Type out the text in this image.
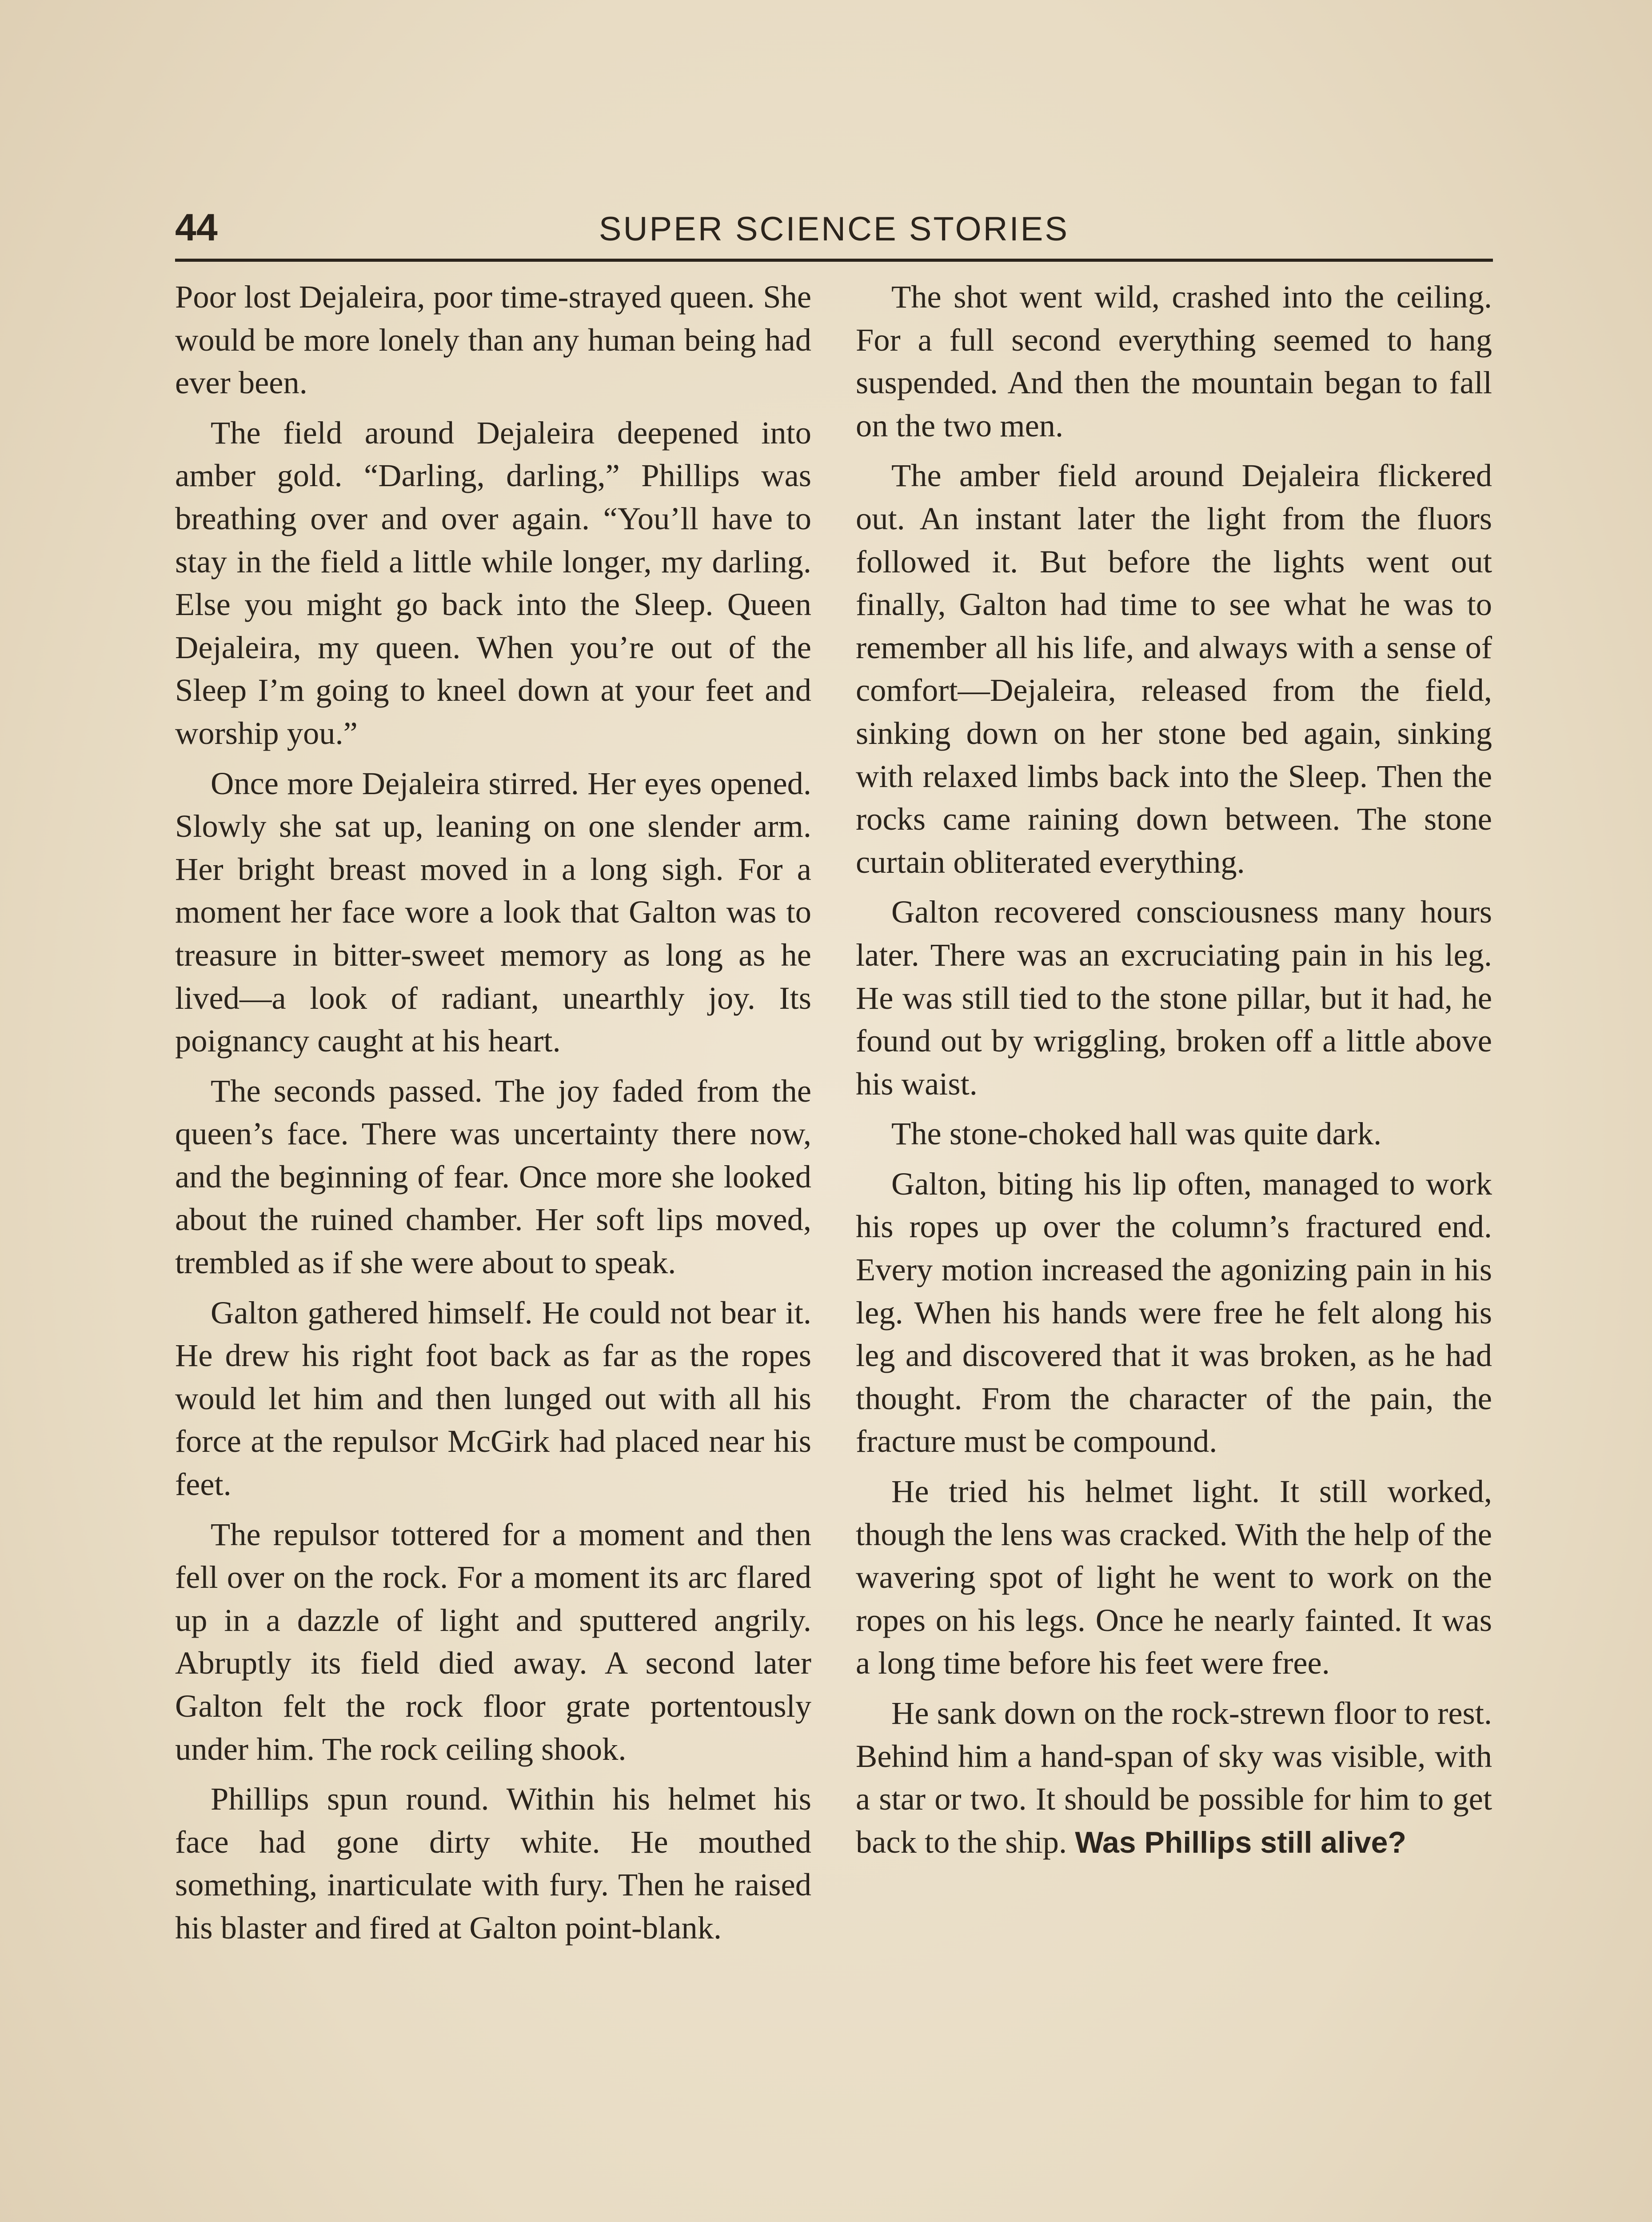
44	SUPER SCIENCE STORIES

Poor lost Dejaleira, poor time-strayed queen. She would be more lonely than any human being had ever been.

The field around Dejaleira deepened into amber gold. “Darling, darling,” Phillips was breathing over and over again. “You’ll have to stay in the field a little while longer, my darling. Else you might go back into the Sleep. Queen Dejaleira, my queen. When you’re out of the Sleep I’m going to kneel down at your feet and worship you.”

Once more Dejaleira stirred. Her eyes opened. Slowly she sat up, leaning on one slender arm. Her bright breast moved in a long sigh. For a moment her face wore a look that Galton was to treasure in bitter-sweet memory as long as he lived—a look of radiant, unearthly joy. Its poignancy caught at his heart.

The seconds passed. The joy faded from the queen’s face. There was uncertainty there now, and the beginning of fear. Once more she looked about the ruined chamber. Her soft lips moved, trembled as if she were about to speak.

Galton gathered himself. He could not bear it. He drew his right foot back as far as the ropes would let him and then lunged out with all his force at the repulsor McGirk had placed near his feet.

The repulsor tottered for a moment and then fell over on the rock. For a moment its arc flared up in a dazzle of light and sputtered angrily. Abruptly its field died away. A second later Galton felt the rock floor grate portentously under him. The rock ceiling shook.

Phillips spun round. Within his helmet his face had gone dirty white. He mouthed something, inarticulate with fury. Then he raised his blaster and fired at Galton point-blank.

The shot went wild, crashed into the ceiling. For a full second everything seemed to hang suspended. And then the mountain began to fall on the two men.

The amber field around Dejaleira flickered out. An instant later the light from the fluors followed it. But before the lights went out finally, Galton had time to see what he was to remember all his life, and always with a sense of comfort—Dejaleira, released from the field, sinking down on her stone bed again, sinking with relaxed limbs back into the Sleep. Then the rocks came raining down between. The stone curtain obliterated everything.

Galton recovered consciousness many hours later. There was an excruciating pain in his leg. He was still tied to the stone pillar, but it had, he found out by wriggling, broken off a little above his waist.

The stone-choked hall was quite dark.

Galton, biting his lip often, managed to work his ropes up over the column’s fractured end. Every motion increased the agonizing pain in his leg. When his hands were free he felt along his leg and discovered that it was broken, as he had thought. From the character of the pain, the fracture must be compound.

He tried his helmet light. It still worked, though the lens was cracked. With the help of the wavering spot of light he went to work on the ropes on his legs. Once he nearly fainted. It was a long time before his feet were free.

He sank down on the rock-strewn floor to rest. Behind him a hand-span of sky was visible, with a star or two. It should be possible for him to get back to the ship. Was Phillips still alive?
